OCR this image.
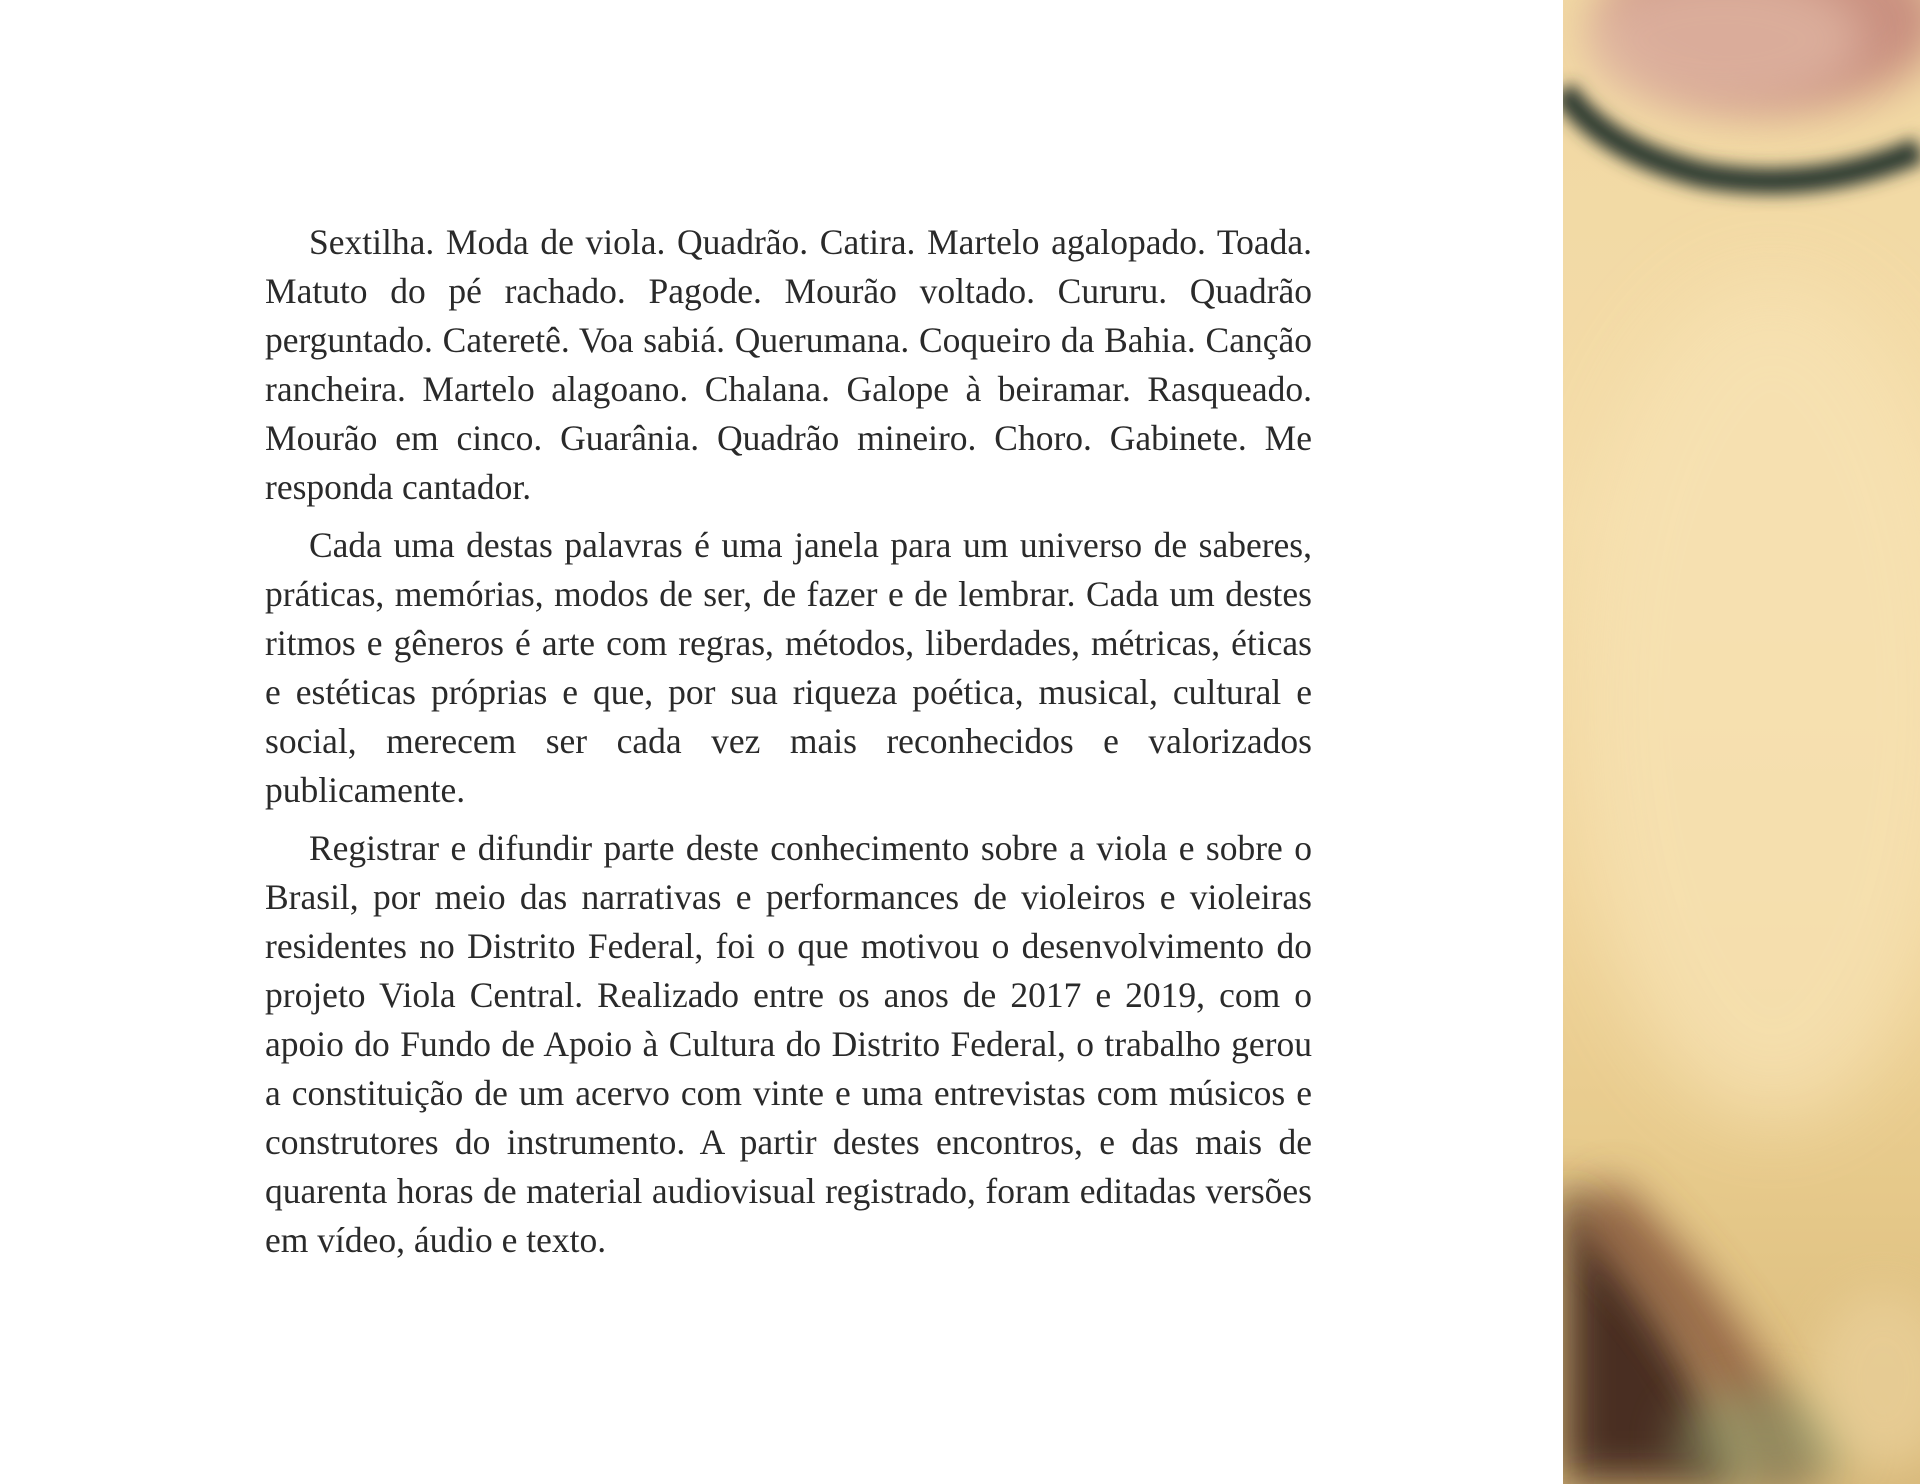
Sextilha. Moda de viola. Quadrão. Catira. Martelo agalopado. Toada. Matuto do pé rachado. Pagode. Mourão voltado. Cururu. Quadrão perguntado. Cateretê. Voa sabiá. Querumana. Coqueiro da Bahia. Canção rancheira. Martelo alagoano. Chalana. Galope à beiramar. Rasqueado. Mourão em cinco. Guarânia. Quadrão mineiro. Choro. Gabinete. Me responda cantador.

Cada uma destas palavras é uma janela para um universo de saberes, práticas, memórias, modos de ser, de fazer e de lembrar. Cada um destes ritmos e gêneros é arte com regras, métodos, liberdades, métricas, éticas e estéticas próprias e que, por sua riqueza poética, musical, cultural e social, merecem ser cada vez mais reconhecidos e valorizados publicamente.

Registrar e difundir parte deste conhecimento sobre a viola e sobre o Brasil, por meio das narrativas e performances de violeiros e violeiras residentes no Distrito Federal, foi o que motivou o desenvolvimento do projeto Viola Central. Realizado entre os anos de 2017 e 2019, com o apoio do Fundo de Apoio à Cultura do Distrito Federal, o trabalho gerou a constituição de um acervo com vinte e uma entrevistas com músicos e construtores do instrumento. A partir destes encontros, e das mais de quarenta horas de material audiovisual registrado, foram editadas versões em vídeo, áudio e texto.
